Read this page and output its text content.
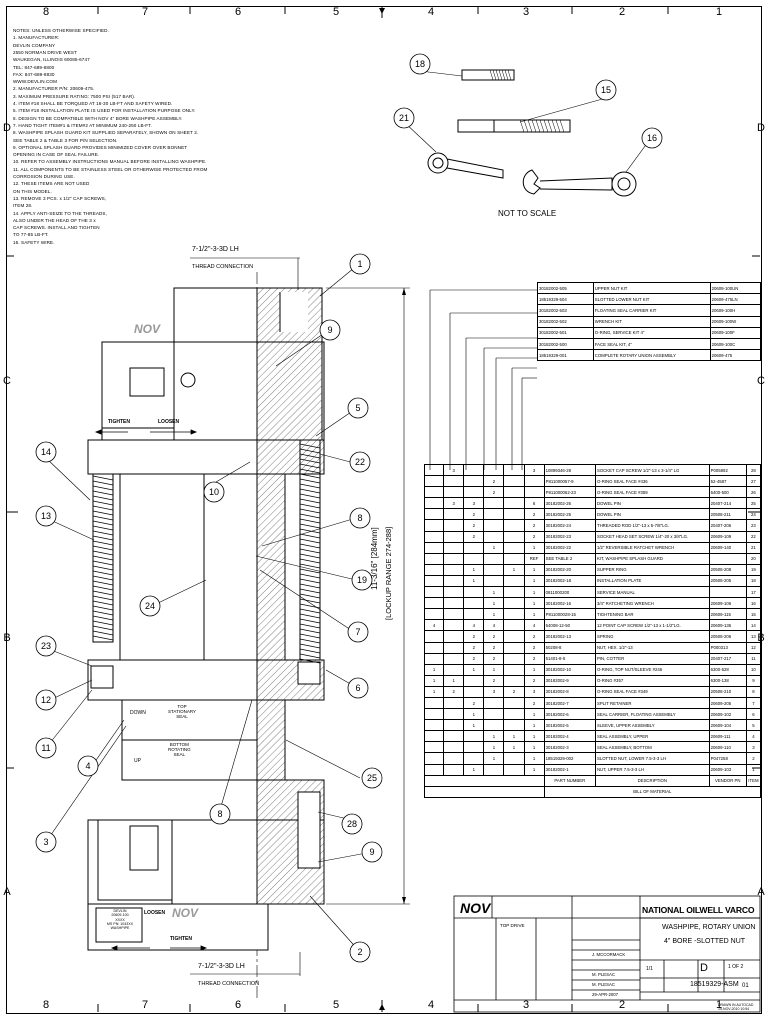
8	7	6	5	4	3	2	1
8	7	6	5	4	3	2	1
D
C
B
A
D
C
B
A
NOTES: UNLESS OTHERWISE SPECIFIED.
1. MANUFACTURER:
DEVLIN COMPANY
2550 NORMAN DRIVE WEST
WAUKEGAN, ILLINOIS 60085-6747
TEL: 847-689-8800
FAX: 847-689-8830
WWW.DEVLIN.COM
2. MANUFACTURER P/N: 20609-475.
3. MAXIMUM PRESSURE RATING: 7500 PSI (517 BAR).
4. ITEM #18 SHALL BE TORQUED AT 16-30 LB-FT AND SAFETY WIRED.
5. ITEM #18 INSTALLATION PLATE IS USED FOR INSTALLATION PURPOSE ONLY.
6. DESIGN TO BE COMPATIBLE WITH NOV 4" BORE WASHPIPE ASSEMBLY.
7. HAND TIGHT ITEM#1 & ITEM#2 AT MINIMUM 240-250 LB-FT.
8. WASHPIPE SPLASH GUARD KIT SUPPLIED SEPARATELY, SHOWN ON SHEET 2.
SEE TABLE 2 & TABLE 3 FOR P/N SELECTION.
9. OPTIONAL SPLASH GUARD PROVIDES MINIMIZED COVER OVER BONNET
OPENING IN CASE OF SEAL FAILURE.
10. REFER TO ASSEMBLY INSTRUCTIONS MANUAL BEFORE INSTALLING WASHPIPE.
11. ALL COMPONENTS TO BE STAINLESS STEEL OR OTHERWISE PROTECTED FROM
CORROSION DURING USE.
12. THESE ITEMS ARE NOT USED
ON THIS MODEL.
13. REMOVE 3 PCS. x 1/2" CAP SCREWS,
ITEM 28.
14. APPLY ANTI-SEIZE TO THE THREADS,
ALSO UNDER THE HEAD OF THE 3 x
CAP SCREWS. INSTALL AND TIGHTEN
TO 77-85 LB-FT.
15. SAFETY WIRE.
18
15
21
16
1
9
5
22
10
8
19
7
6
14
13
24
23
12
11
4
3
8
25
28
9
2
NOT TO SCALE
7-1/2"-3-3D LH
THREAD CONNECTION
7-1/2"-3-3D LH
THREAD CONNECTION
TIGHTEN	LOOSEN
TIGHTEN
LOOSEN
DOWN
UP
TOP
STATIONARY
SEAL
BOTTOM
ROTATING
SEAL
11-3/16" [284mm] [LOCKUP RANGE 274-288]
NOV
NOV
DEVLIN
20609-100
XXXX
MS PN: 1043XX
WASHPIPE
30182002-505	UPPER NUT KIT	20609-100UN
18519329-504	SLOTTED LOWER NUT KIT	20609-475LN
30182002-503	FLOATING SEAL CARRIER KIT	20609-100H
30182002-502	WRENCH KIT	20609-100W
30182002-501	O-RING, SERVICE KIT 4"	20609-100F
30182002-500	FACE SEAL KIT, 4"	20609-100C
18519329-001	COMPLETE ROTARY UNION ASSEMBLY	20609-475
	3				3	10899346-28	SOCKET CAP SCREW 1/2"-13 x 3-1/4" LG	P005892	28
			2			P811000057-9	O-RING SEAL FACE #436	52-4587	27
			2			P811000062-23	O-RING SEAL FACE #359	6400-500	26
	3	3			6	30182002-26	DOWEL PIN	20407-214	25
		2			2	30182002-25	DOWEL PIN	20508-211	24
		2			2	30182002-24	THREADED ROD 1/2"-13 x 5-7/8"LG.	20407-206	23
		2			2	30182002-23	SOCKET HEAD SET SCREW 1/4"-20 x 3/8"LG.	20609-109	22
			1		1	30182002-22	1/2" REVERSIBLE RATCHET WRENCH	20609-140	21
					REF	SEE TABLE 2	KIT, WASHPIPE SPLASH GUARD		20
		1		1	1	30182002-20	SUPPER RING	20508-208	19
		1			1	30182002-18	INSTALLATION PLATE	20508-205	18
			1		1	0811000200	SERVICE MANUAL		17
			1		1	30182002-16	3/4" RATCHETING WRENCH	20609-106	16
			1		1	P811000028-15	TIGHTENING BAR	20609-115	15
4		4	4		4	54008-12-50	12 POINT CAP SCREW 1/2"-13 x 1-1/2"LG.	20609-136	14
		2	2		2	30182002-13	SPRING	20508-206	13
		2	2		2	50208-8	NUT, HEX. 1/2"-13	P000313	12
		2	2		2	51401-8-5	PIN, COTTER	20407-217	11
1		1	1		1	30182002-10	O-RING, TOP NUT/SLEEVE #246	6300-528	10
1	1		2		2	30182002-9	O-RING #357	6300-138	9
1	2		3	2	3	30182002-8	O-RING SEAL FACE #349	20508-210	8
		2			2	30182002-7	SPLIT RETAINER	20609-205	7
		1			1	30182002-6	SEAL CARRIER, FLOATING ASSEMBLY	20609-102	6
		1			1	30182002-5	SLEEVE, UPPER ASSEMBLY	20609-104	5
			1	1	1	30182002-4	SEAL ASSEMBLY, UPPER	20609-111	4
			1	1	1	30182002-3	SEAL ASSEMBLY, BOTTOM	20609-110	3
			1		1	18519329-002	SLOTTED NUT, LOWER 7.5-3-3 LH	P047258	2
		1			1	30182002-1	NUT, UPPER 7.5-3-3 LH	20609-103	1
						PART NUMBER	DESCRIPTION	VENDOR PN	ITEM
						BILL OF MATERIAL			
NOV	NATIONAL OILWELL VARCO
WASHPIPE, ROTARY UNION
4" BORE -SLOTTED NUT
TOP DRIVE
D
18519329-ASM 01
1 OF 2
1/1
J. MCCORMACK
M. PLESAC
M. PLESAC
29-APR-2007
DRAWN IN AUTOCAD
15-NOV-2010 10:54
